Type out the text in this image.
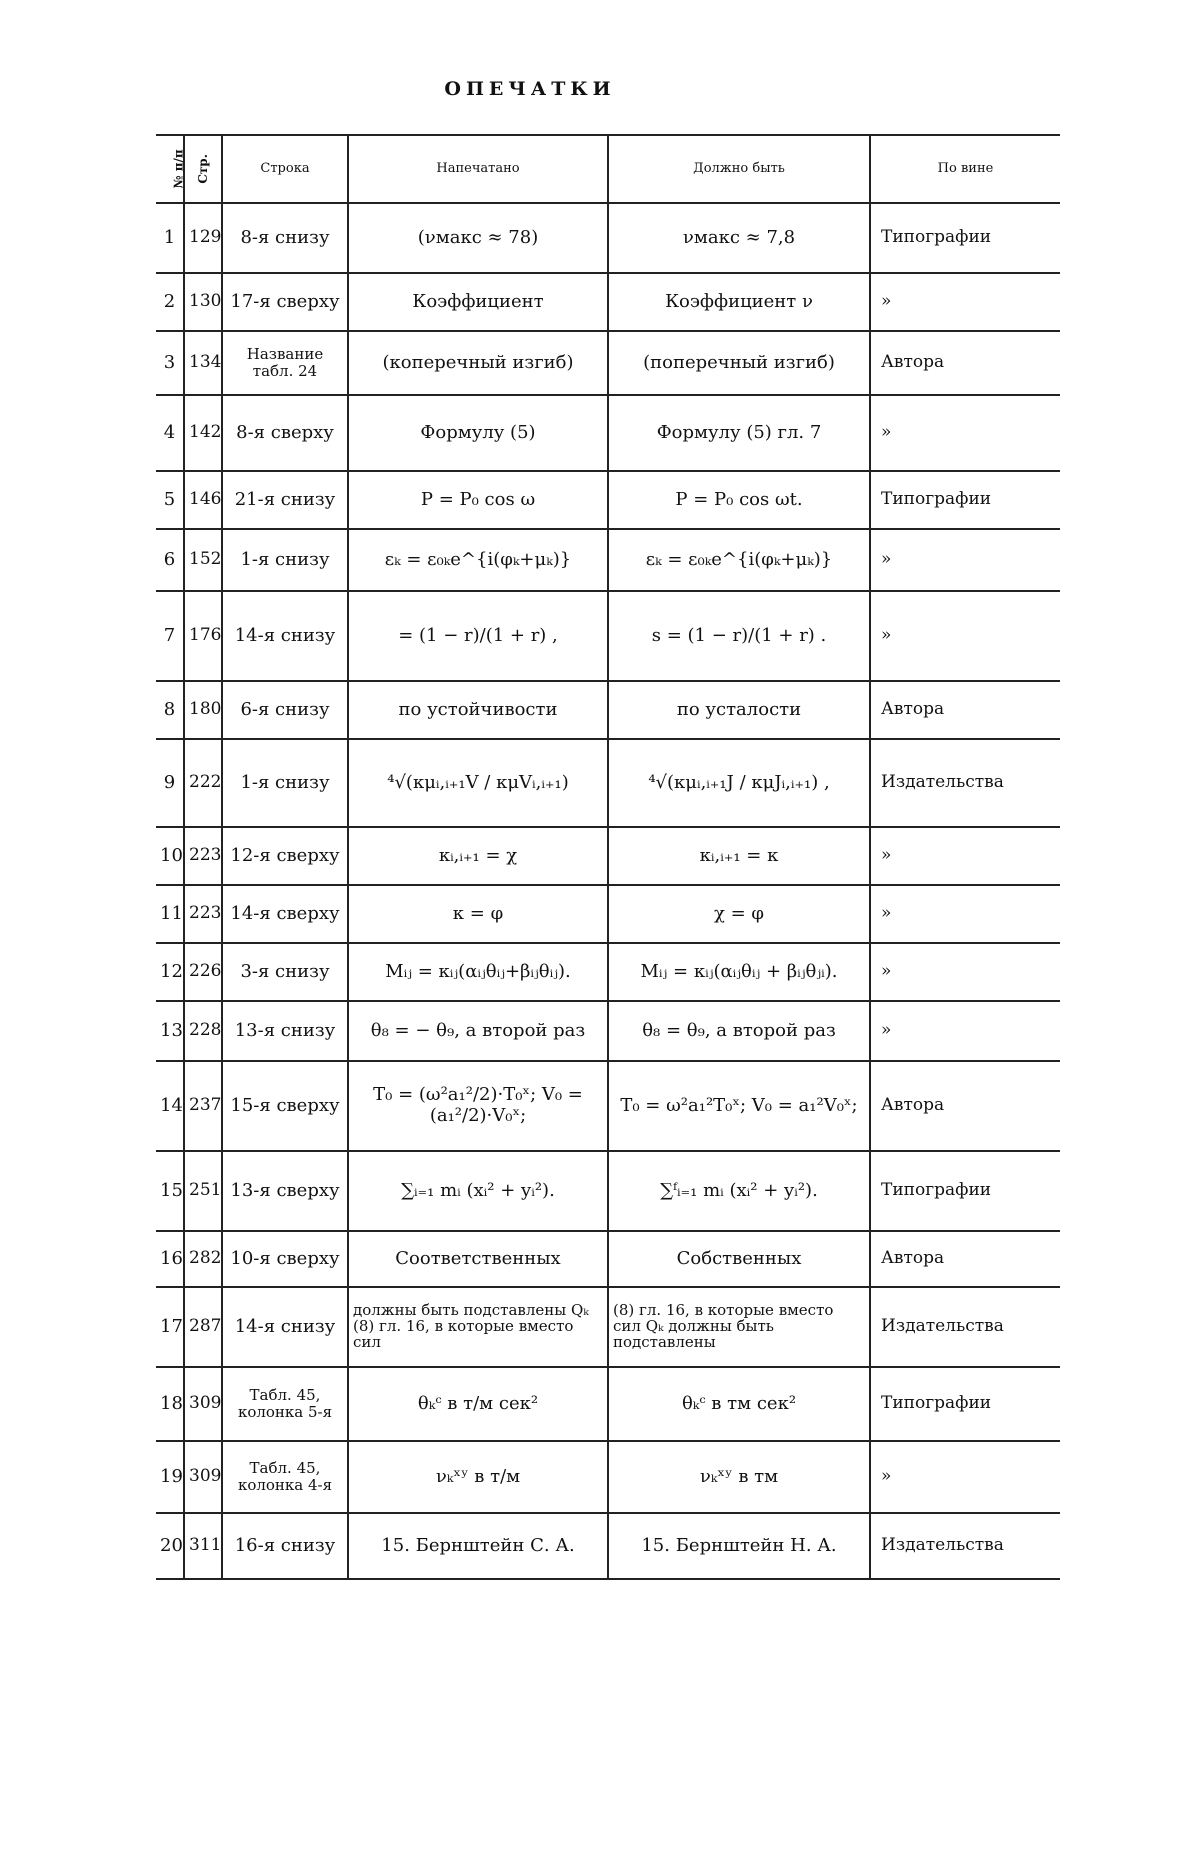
ОПЕЧАТКИ
№ п/п	Стр.	Строка	Напечатано	Должно быть	По вине
1	129	8-я снизу	(νмакс ≈ 78)	νмакс ≈ 7,8	Типографии
2	130	17-я сверху	Коэффициент	Коэффициент ν	»
3	134	Название табл. 24	(коперечный изгиб)	(поперечный изгиб)	Автора
4	142	8-я сверху	Формулу (5)	Формулу (5) гл. 7	»
5	146	21-я снизу	P = P₀ cos ω	P = P₀ cos ωt.	Типографии
6	152	1-я снизу	εₖ = ε₀ₖe^{i(φₖ+μₖ)}	εₖ = ε₀ₖe^{i(φₖ+μₖ)}	»
7	176	14-я снизу	= (1 − r)/(1 + r) ,	s = (1 − r)/(1 + r) .	»
8	180	6-я снизу	по устойчивости	по усталости	Автора
9	222	1-я снизу	⁴√(κμᵢ,ᵢ₊₁V / κμVᵢ,ᵢ₊₁)	⁴√(κμᵢ,ᵢ₊₁J / κμJᵢ,ᵢ₊₁) ,	Издательства
10	223	12-я сверху	κᵢ,ᵢ₊₁ = χ	κᵢ,ᵢ₊₁ = κ	»
11	223	14-я сверху	κ = φ	χ = φ	»
12	226	3-я снизу	Mᵢⱼ = κᵢⱼ(αᵢⱼθᵢⱼ+βᵢⱼθᵢⱼ).	Mᵢⱼ = κᵢⱼ(αᵢⱼθᵢⱼ + βᵢⱼθⱼᵢ).	»
13	228	13-я снизу	θ₈ = − θ₉, а второй раз	θ₈ = θ₉, а второй раз	»
14	237	15-я сверху	T₀ = (ω²a₁²/2)·T₀ˣ; V₀ = (a₁²/2)·V₀ˣ;	T₀ = ω²a₁²T₀ˣ; V₀ = a₁²V₀ˣ;	Автора
15	251	13-я сверху	∑ᵢ₌₁ mᵢ (xᵢ² + yᵢ²).	∑ᶠᵢ₌₁ mᵢ (xᵢ² + yᵢ²).	Типографии
16	282	10-я сверху	Соответственных	Собственных	Автора
17	287	14-я снизу	должны быть подставлены Qₖ (8) гл. 16, в которые вместо сил	(8) гл. 16, в которые вместо сил Qₖ должны быть подставлены	Издательства
18	309	Табл. 45, колонка 5-я	θₖᶜ в т/м сек²	θₖᶜ в тм сек²	Типографии
19	309	Табл. 45, колонка 4-я	νₖˣʸ в т/м	νₖˣʸ в тм	»
20	311	16-я снизу	15. Бернштейн С. А.	15. Бернштейн Н. А.	Издательства
